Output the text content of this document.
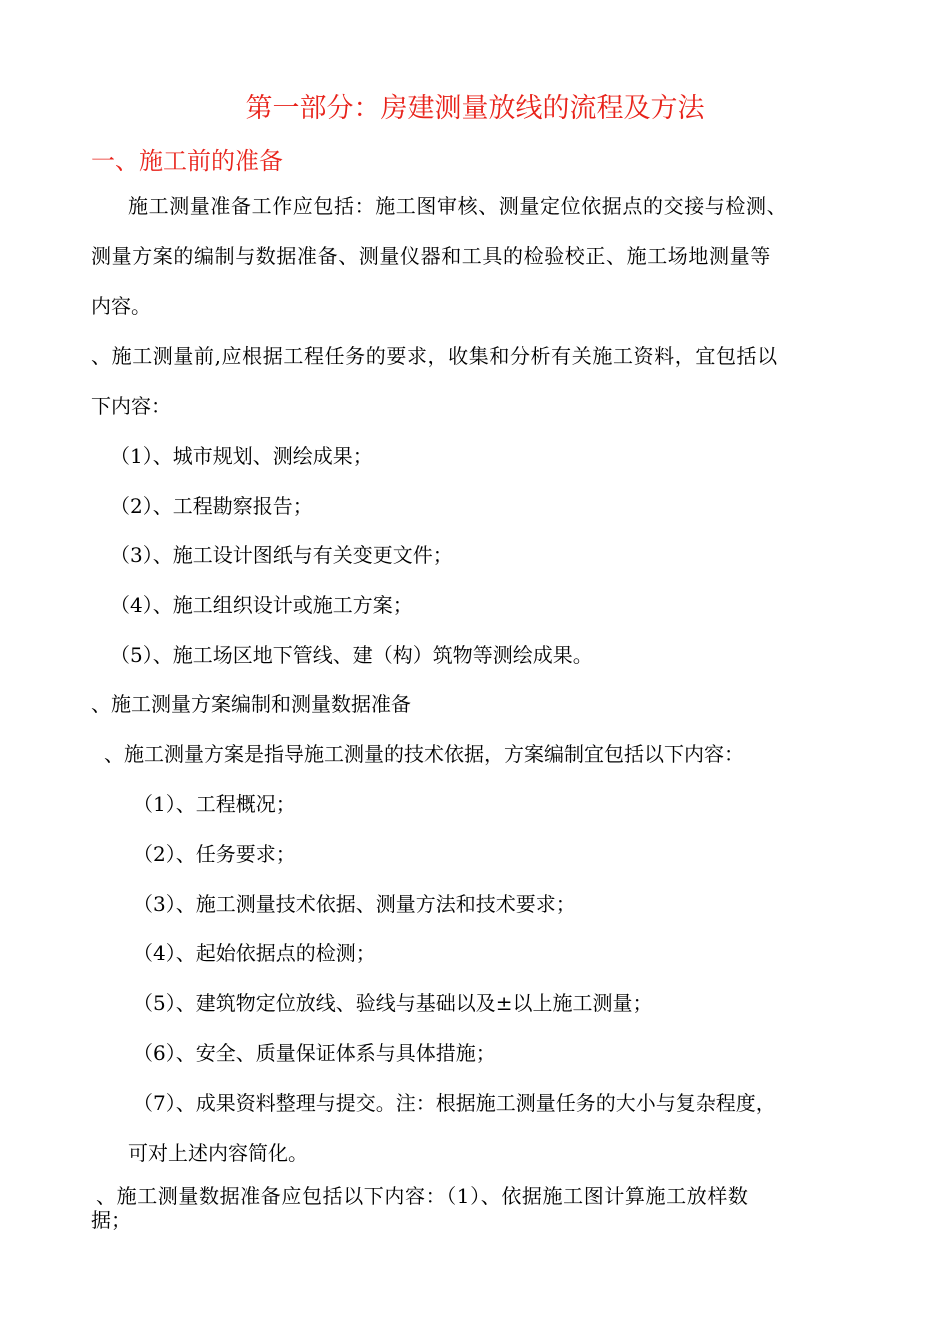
第一部分：房建测量放线的流程及方法
一、施工前的准备
施工测量准备工作应包括：施工图审核、测量定位依据点的交接与检测、
测量方案的编制与数据准备、测量仪器和工具的检验校正、施工场地测量等
内容。
、施工测量前,应根据工程任务的要求，收集和分析有关施工资料，宜包括以
下内容：
（1）、城市规划、测绘成果；
（2）、工程勘察报告；
（3）、施工设计图纸与有关变更文件；
（4）、施工组织设计或施工方案；
（5）、施工场区地下管线、建（构）筑物等测绘成果。
、施工测量方案编制和测量数据准备
、施工测量方案是指导施工测量的技术依据，方案编制宜包括以下内容：
（1）、工程概况；
（2）、任务要求；
（3）、施工测量技术依据、测量方法和技术要求；
（4）、起始依据点的检测；
（5）、建筑物定位放线、验线与基础以及±以上施工测量；
（6）、安全、质量保证体系与具体措施；
（7）、成果资料整理与提交。注：根据施工测量任务的大小与复杂程度，
可对上述内容简化。
、施工测量数据准备应包括以下内容：（1）、依据施工图计算施工放样数
据；
